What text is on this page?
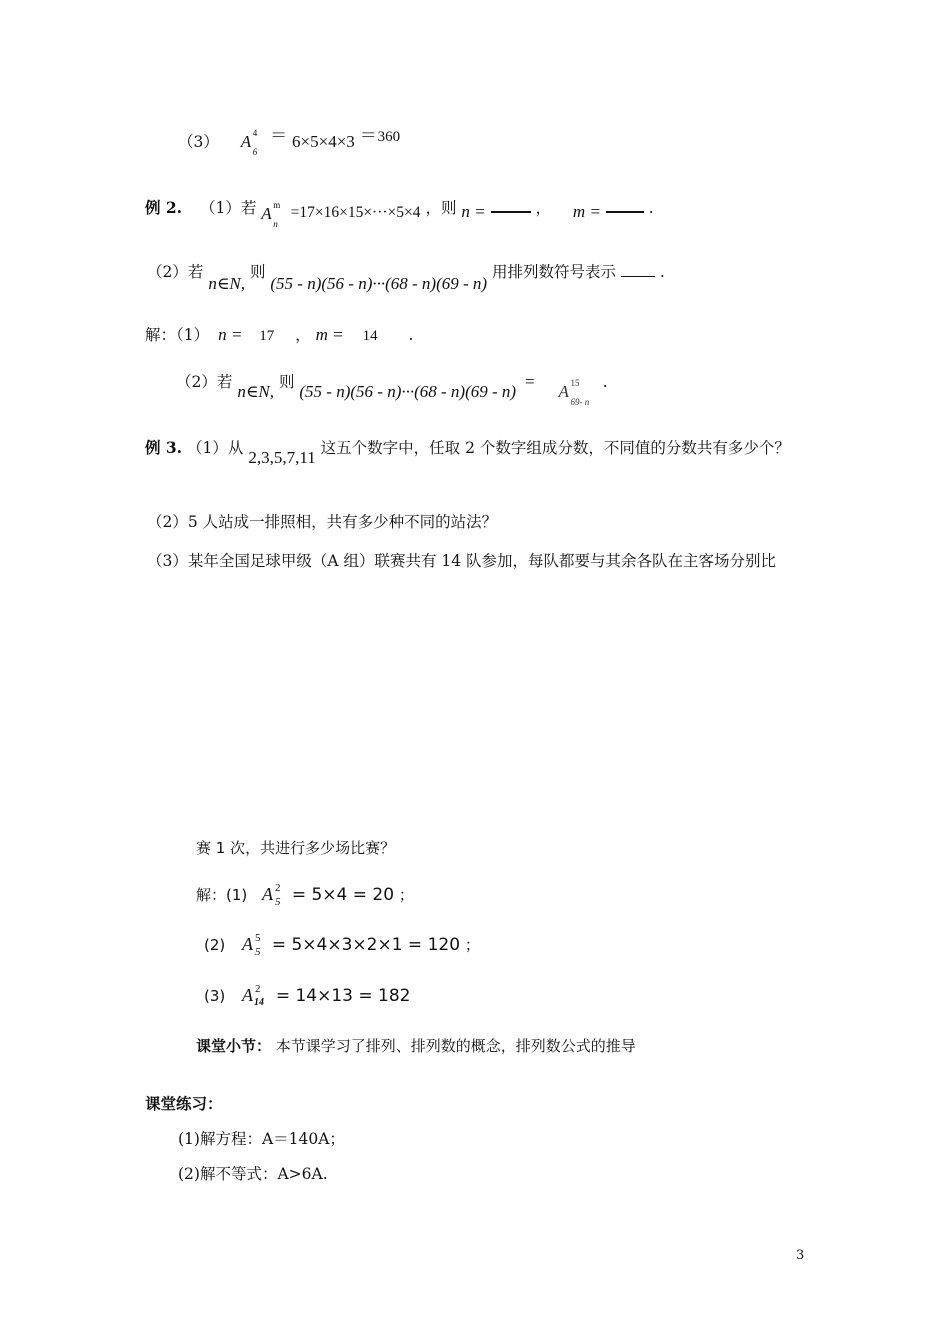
（3） A 4
6
＝ 6×5×4×3 ＝ 360
例 2. （1）若 A m
n
=17×16×15×···×5×4 ，则 n =	， m =	.
（2）若 n∈N, 则 (55 - n)(56 - n)···(68 - n)(69 - n) 用排列数符号表示	.
解：（1） n = 17 ， m = 14 .
（2）若 n∈N, 则 (55 - n)(56 - n)···(68 - n)(69 - n) =  A 15
69- n
.
例 3. （1）从 2,3,5,7,11 这五个数字中，任取 2 个数字组成分数，不同值的分数共有多少个？
（2）5 人站成一排照相，共有多少种不同的站法？
（3）某年全国足球甲级（A 组）联赛共有 14 队参加，每队都要与其余各队在主客场分别比
赛 1 次，共进行多少场比赛？
解：(1) A 2
5 = 5×4 = 20 ；
(2) A 5
5 = 5×4×3×2×1 = 120 ；
(3) A 2
14 = 14×13 = 182
课堂小节： 本节课学习了排列、排列数的概念，排列数公式的推导
课堂练习：
(1)解方程：A＝140A；
(2)解不等式：A>6A.
3
